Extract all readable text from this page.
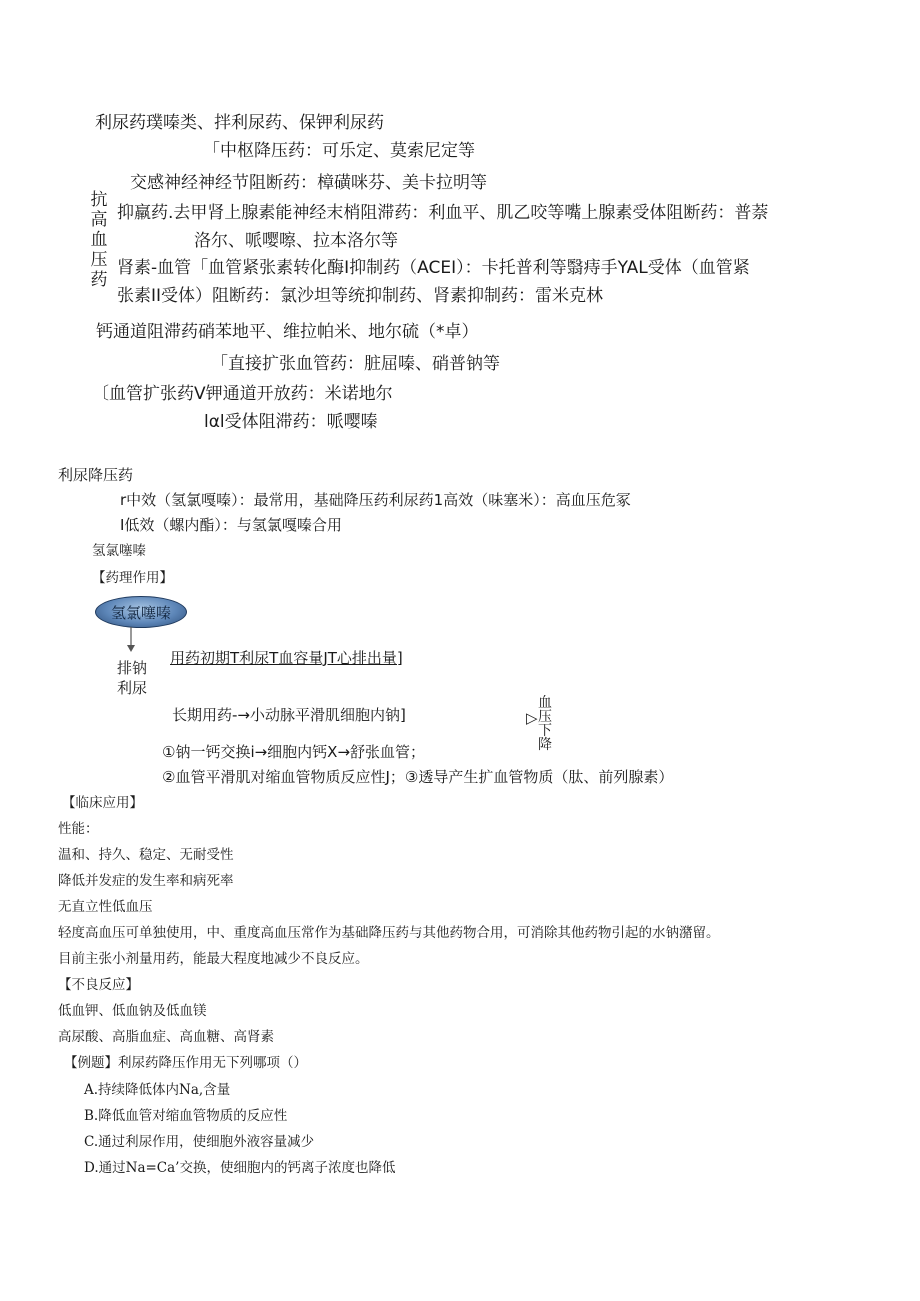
利尿药璞嗪类、拌利尿药、保钾利尿药
「中枢降压药：可乐定、莫索尼定等
交感神经神经节阻断药：樟磺咪芬、美卡拉明等
抗高血压药
抑羸药.去甲肾上腺素能神经末梢阻滞药：利血平、肌乙咬等嘴上腺素受体阻断药：普萘
洛尔、哌嘤嚓、拉本洛尔等
肾素-血管「血管紧张素转化酶I抑制药（ACEI）：卡托普利等翳痔手YAL受体（血管紧
张素II受体）阻断药：氯沙坦等统抑制药、肾素抑制药：雷米克林
钙通道阻滞药硝苯地平、维拉帕米、地尔硫（*卓）
「直接扩张血管药：脏屈嗪、硝普钠等
〔血管扩张药V钾通道开放药：米诺地尔
lαl受体阻滞药：哌嘤嗪
利尿降压药
r中效（氢氯嘎嗪）：最常用，基础降压药利尿药1高效（味塞米）：高血压危冢
I低效（螺内酯）：与氢氯嘎嗪合用
氢氯噻嗪
【药理作用】
氢氯噻嗪
排钠
利尿
用药初期T利尿T血容量JT心排出量]
长期用药-→小动脉平滑肌细胞内钠]	▷
血压下降
①钠一钙交换i→细胞内钙X→舒张血管；
②血管平滑肌对缩血管物质反应性J；③透导产生扩血管物质（肽、前列腺素）
【临床应用】
性能：
温和、持久、稳定、无耐受性
降低并发症的发生率和病死率
无直立性低血压
轻度高血压可单独使用，中、重度高血压常作为基础降压药与其他药物合用，可消除其他药物引起的水钠潴留。
目前主张小剂量用药，能最大程度地减少不良反应。
【不良反应】
低血钾、低血钠及低血镁
高尿酸、高脂血症、高血糖、高肾素
【例题】利尿药降压作用无下列哪项（）
A.持续降低体内Na,含量
B.降低血管对缩血管物质的反应性
C.通过利尿作用，使细胞外液容量减少
D.通过Na=Ca’交换，使细胞内的钙离子浓度也降低
